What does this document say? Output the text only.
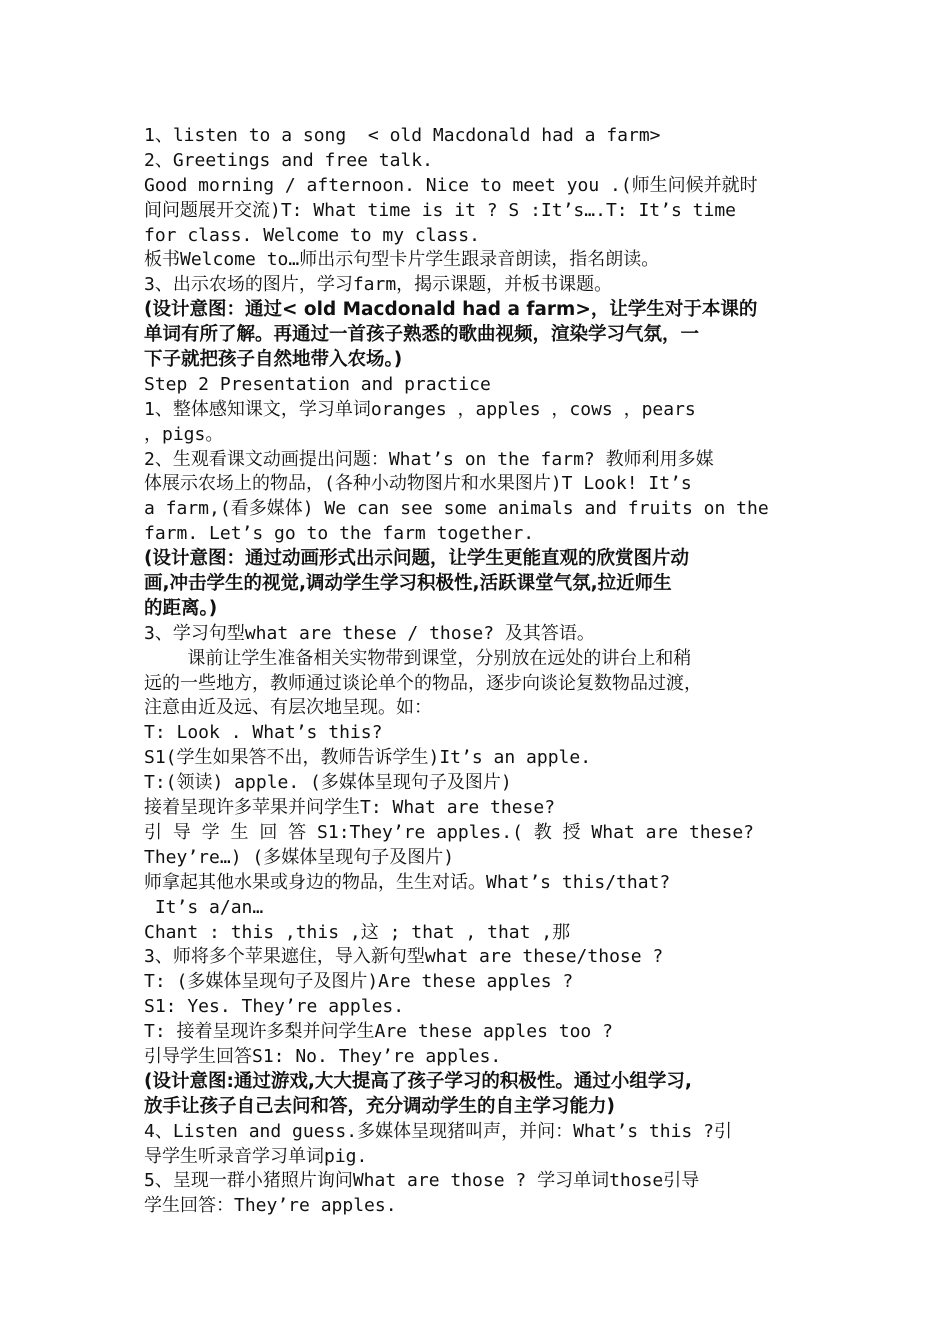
1、listen to a song  < old Macdonald had a farm>
2、Greetings and free talk.
Good morning / afternoon. Nice to meet you .(师生问候并就时
间问题展开交流)T: What time is it ? S :It’s….T: It’s time
for class. Welcome to my class.
板书Welcome to…师出示句型卡片学生跟录音朗读，指名朗读。
3、出示农场的图片，学习farm，揭示课题，并板书课题。
(设计意图：通过< old Macdonald had a farm>，让学生对于本课的
单词有所了解。再通过一首孩子熟悉的歌曲视频，渲染学习气氛，一
下子就把孩子自然地带入农场。)
Step 2 Presentation and practice
1、整体感知课文，学习单词oranges ，apples ，cows ，pears
，pigs。
2、生观看课文动画提出问题：What’s on the farm? 教师利用多媒
体展示农场上的物品，(各种小动物图片和水果图片)T Look! It’s
a farm,(看多媒体) We can see some animals and fruits on the
farm. Let’s go to the farm together.
(设计意图：通过动画形式出示问题，让学生更能直观的欣赏图片动
画,冲击学生的视觉,调动学生学习积极性,活跃课堂气氛,拉近师生
的距离。)
3、学习句型what are these / those? 及其答语。
课前让学生准备相关实物带到课堂，分别放在远处的讲台上和稍
远的一些地方，教师通过谈论单个的物品，逐步向谈论复数物品过渡，
注意由近及远、有层次地呈现。如：
T: Look . What’s this?
S1(学生如果答不出，教师告诉学生)It’s an apple.
T:(领读) apple. (多媒体呈现句子及图片)
接着呈现许多苹果并问学生T: What are these?
引 导 学 生 回 答 S1:They’re apples.( 教 授 What are these?
They’re…) (多媒体呈现句子及图片)
师拿起其他水果或身边的物品，生生对话。What’s this/that?
It’s a/an…
Chant : this ,this ,这 ; that , that ,那
3、师将多个苹果遮住，导入新句型what are these/those ?
T: (多媒体呈现句子及图片)Are these apples ?
S1: Yes. They’re apples.
T: 接着呈现许多梨并问学生Are these apples too ?
引导学生回答S1: No. They’re apples.
(设计意图:通过游戏,大大提高了孩子学习的积极性。通过小组学习,
放手让孩子自己去问和答，充分调动学生的自主学习能力)
4、Listen and guess.多媒体呈现猪叫声，并问：What’s this ?引
导学生听录音学习单词pig.
5、呈现一群小猪照片询问What are those ? 学习单词those引导
学生回答：They’re apples.
